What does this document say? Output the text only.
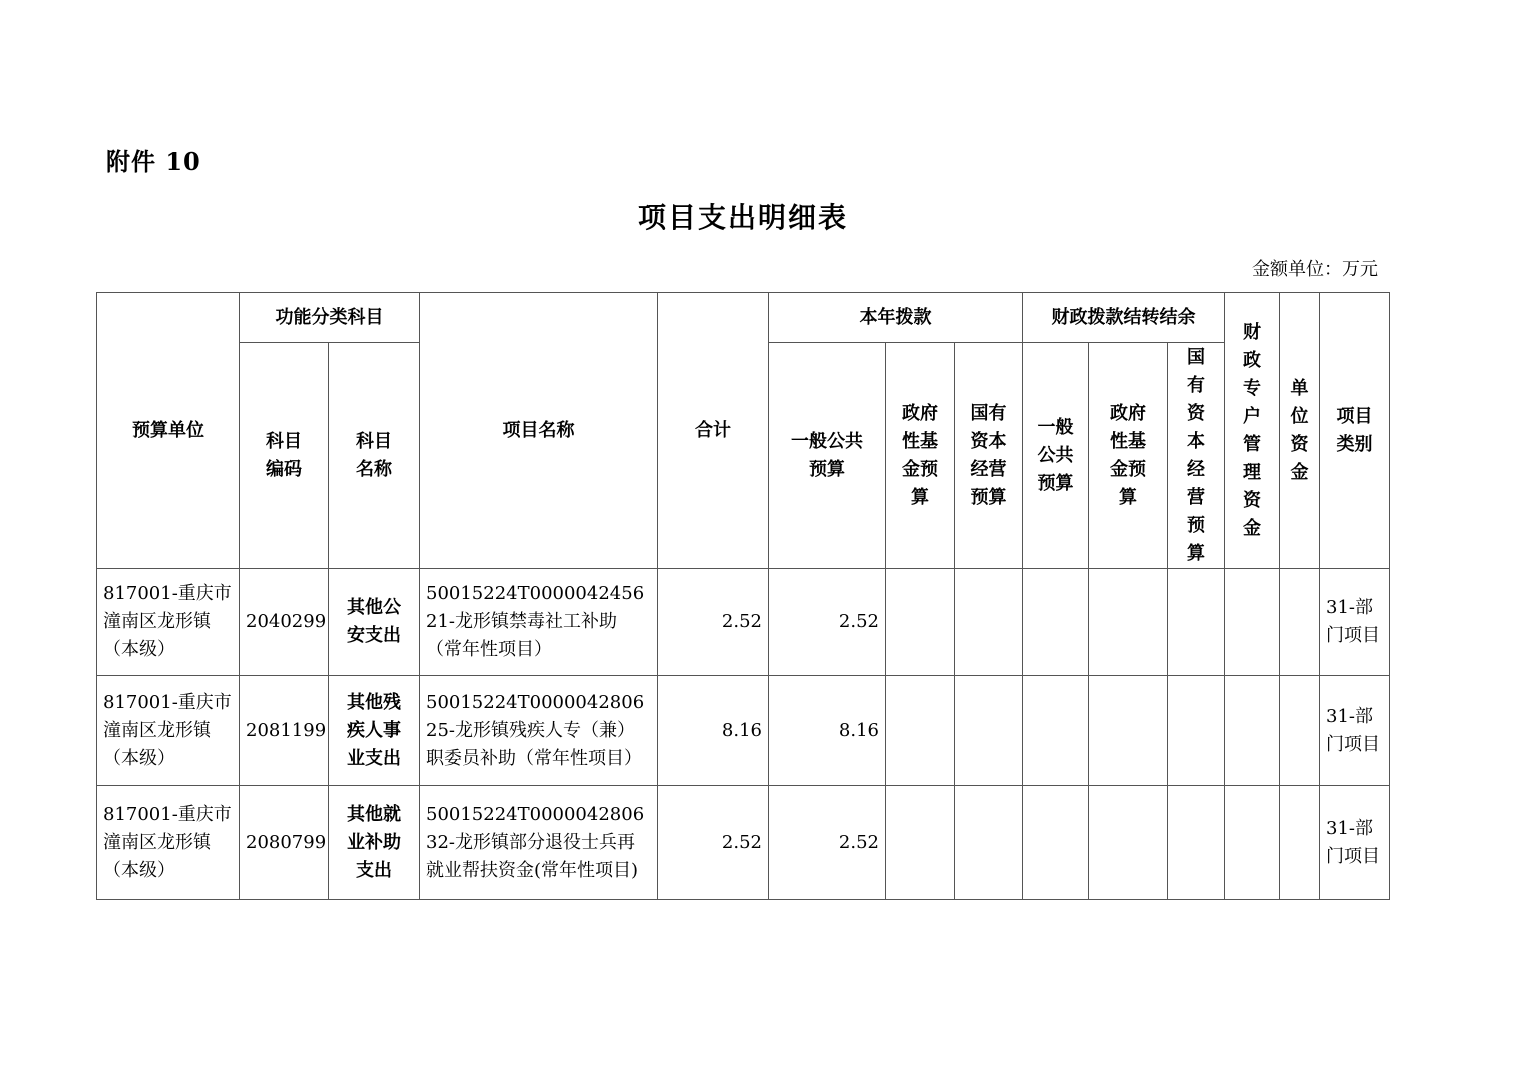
附件 10
项目支出明细表
金额单位：万元
预算单位	功能分类科目		项目名称	合计	本年拨款			财政拨款结转结余			财政专户管理资金	单位资金	项目类别

	科目编码	科目名称			一般公共预算	政府性基金预算	国有资本经营预算	一般公共预算	政府性基金预算	国有资本经营预算			

817001-重庆市潼南区龙形镇（本级）	2040299	其他公安支出	50015224T000004245621-龙形镇禁毒社工补助（常年性项目）	2.52	2.52								31-部门项目
817001-重庆市潼南区龙形镇（本级）	2081199	其他残疾人事业支出	50015224T000004280625-龙形镇残疾人专（兼）职委员补助（常年性项目）	8.16	8.16								31-部门项目
817001-重庆市潼南区龙形镇（本级）	2080799	其他就业补助支出	50015224T000004280632-龙形镇部分退役士兵再就业帮扶资金(常年性项目)	2.52	2.52								31-部门项目
